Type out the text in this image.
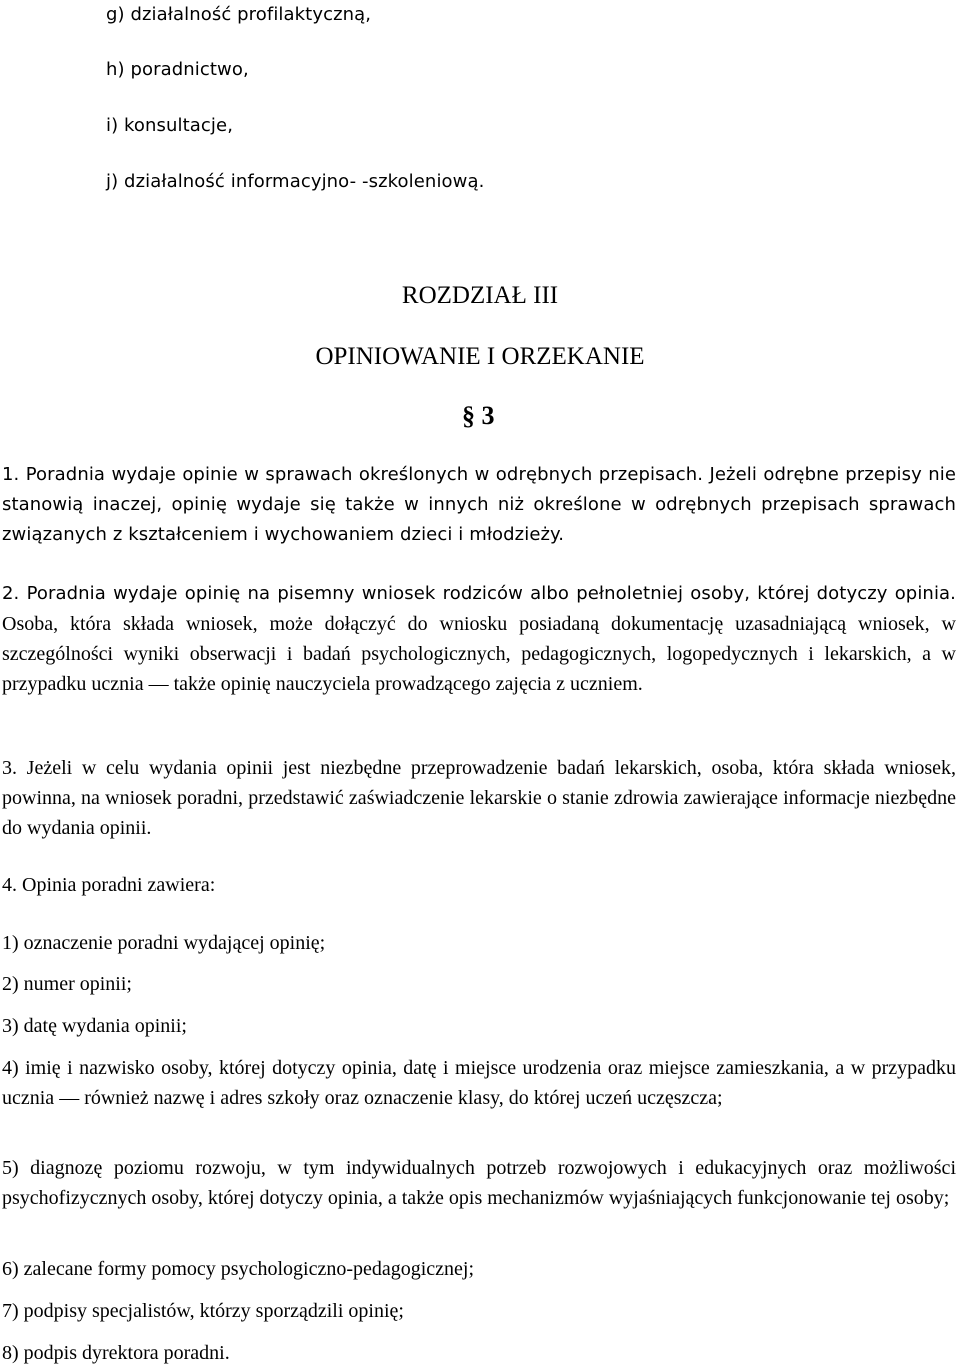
g) działalność profilaktyczną,
h) poradnictwo,
i) konsultacje,
j) działalność informacyjno- -szkoleniową.
ROZDZIAŁ III
OPINIOWANIE I ORZEKANIE
§ 3
1. Poradnia wydaje opinie w sprawach określonych w odrębnych przepisach. Jeżeli odrębne przepisy nie stanowią inaczej, opinię wydaje się także w innych niż określone w odrębnych przepisach sprawach związanych z kształceniem i wychowaniem dzieci i młodzieży.
2. Poradnia wydaje opinię na pisemny wniosek rodziców albo pełnoletniej osoby, której dotyczy opinia. Osoba, która składa wniosek, może dołączyć do wniosku posiadaną dokumentację uzasadniającą wniosek, w szczególności wyniki obserwacji i badań psychologicznych, pedagogicznych, logopedycznych i lekarskich, a w przypadku ucznia — także opinię nauczyciela prowadzącego zajęcia z uczniem.
3. Jeżeli w celu wydania opinii jest niezbędne przeprowadzenie badań lekarskich, osoba, która składa wniosek, powinna, na wniosek poradni, przedstawić zaświadczenie lekarskie o stanie zdrowia zawierające informacje niezbędne do wydania opinii.
4. Opinia poradni zawiera:
1) oznaczenie poradni wydającej opinię;
2) numer opinii;
3) datę wydania opinii;
4) imię i nazwisko osoby, której dotyczy opinia, datę i miejsce urodzenia oraz miejsce zamieszkania, a w przypadku ucznia — również nazwę i adres szkoły oraz oznaczenie klasy, do której uczeń uczęszcza;
5) diagnozę poziomu rozwoju, w tym indywidualnych potrzeb rozwojowych i edukacyjnych oraz możliwości psychofizycznych osoby, której dotyczy opinia, a także opis mechanizmów wyjaśniających funkcjonowanie tej osoby;
6) zalecane formy pomocy psychologiczno-pedagogicznej;
7) podpisy specjalistów, którzy sporządzili opinię;
8) podpis dyrektora poradni.
